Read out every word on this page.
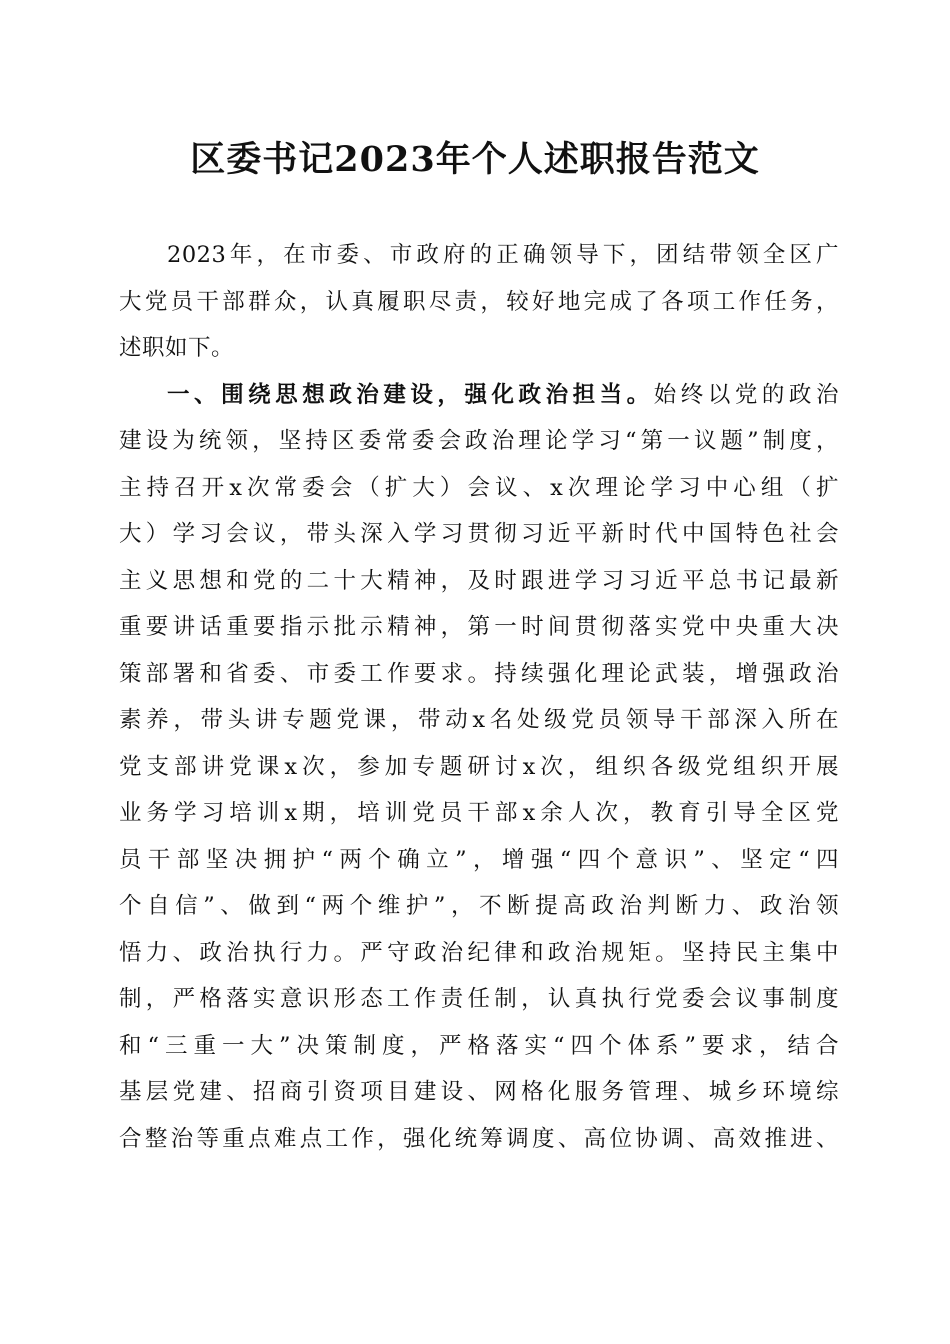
区委书记2023年个人述职报告范文
2023年，在市委、市政府的正确领导下，团结带领全区广
大党员干部群众，认真履职尽责，较好地完成了各项工作任务，
述职如下。
一、围绕思想政治建设，强化政治担当。始终以党的政治
建设为统领，坚持区委常委会政治理论学习“第一议题”制度，
主持召开x次常委会（扩大）会议、x次理论学习中心组（扩
大）学习会议，带头深入学习贯彻习近平新时代中国特色社会
主义思想和党的二十大精神，及时跟进学习习近平总书记最新
重要讲话重要指示批示精神，第一时间贯彻落实党中央重大决
策部署和省委、市委工作要求。持续强化理论武装，增强政治
素养，带头讲专题党课，带动x名处级党员领导干部深入所在
党支部讲党课x次，参加专题研讨x次，组织各级党组织开展
业务学习培训x期，培训党员干部x余人次，教育引导全区党
员干部坚决拥护“两个确立”，增强“四个意识”、坚定“四
个自信”、做到“两个维护”，不断提高政治判断力、政治领
悟力、政治执行力。严守政治纪律和政治规矩。坚持民主集中
制，严格落实意识形态工作责任制，认真执行党委会议事制度
和“三重一大”决策制度，严格落实“四个体系”要求，结合
基层党建、招商引资项目建设、网格化服务管理、城乡环境综
合整治等重点难点工作，强化统筹调度、高位协调、高效推进、
